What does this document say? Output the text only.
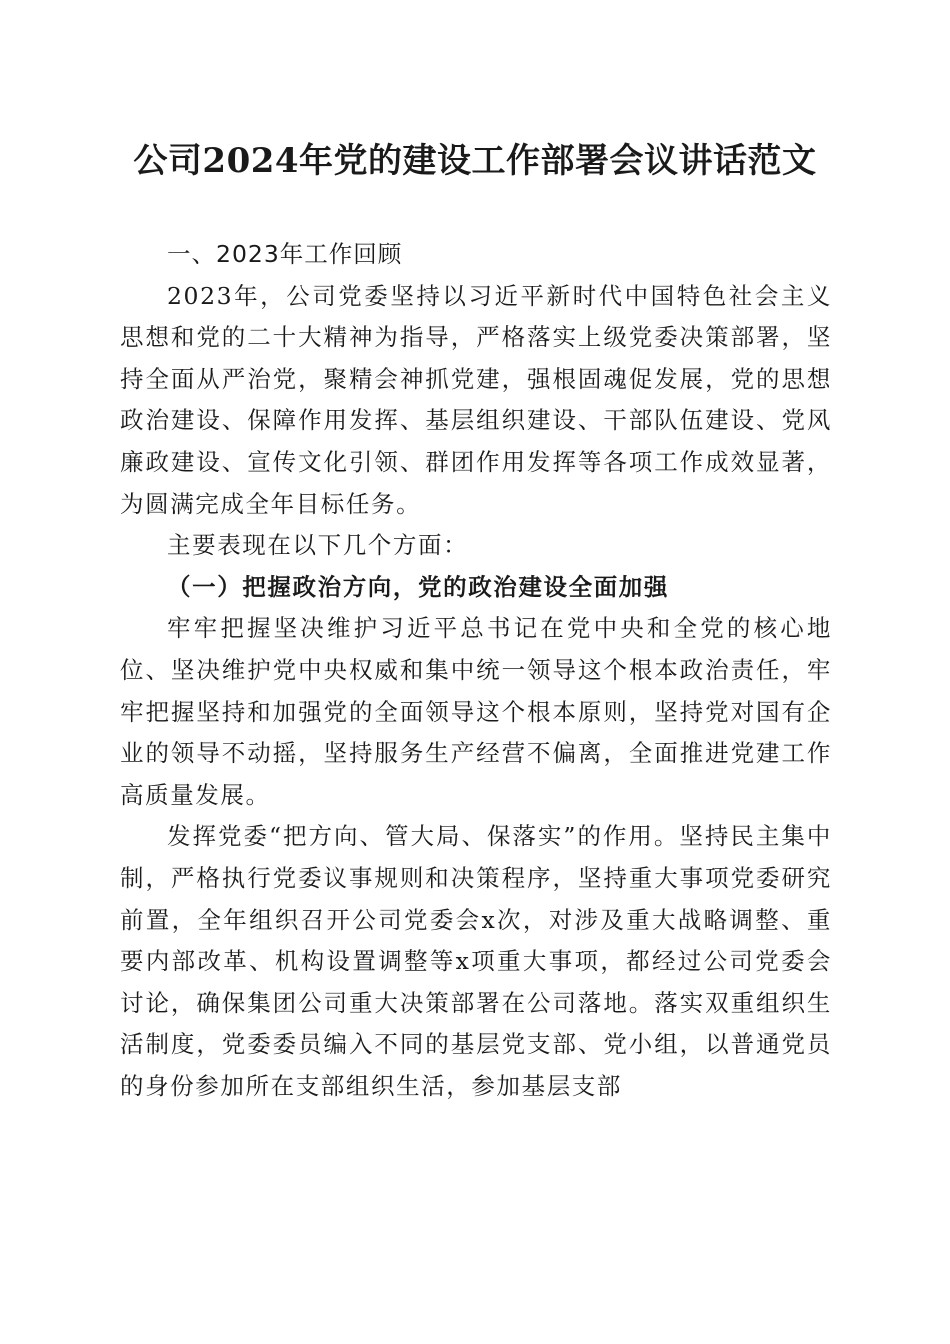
公司2024年党的建设工作部署会议讲话范文

一、2023年工作回顾

2023年，公司党委坚持以习近平新时代中国特色社会主义思想和党的二十大精神为指导，严格落实上级党委决策部署，坚持全面从严治党，聚精会神抓党建，强根固魂促发展，党的思想政治建设、保障作用发挥、基层组织建设、干部队伍建设、党风廉政建设、宣传文化引领、群团作用发挥等各项工作成效显著，为圆满完成全年目标任务。

主要表现在以下几个方面：

（一）把握政治方向，党的政治建设全面加强

牢牢把握坚决维护习近平总书记在党中央和全党的核心地位、坚决维护党中央权威和集中统一领导这个根本政治责任，牢牢把握坚持和加强党的全面领导这个根本原则，坚持党对国有企业的领导不动摇，坚持服务生产经营不偏离，全面推进党建工作高质量发展。

发挥党委“把方向、管大局、保落实”的作用。坚持民主集中制，严格执行党委议事规则和决策程序，坚持重大事项党委研究前置，全年组织召开公司党委会x次，对涉及重大战略调整、重要内部改革、机构设置调整等x项重大事项，都经过公司党委会讨论，确保集团公司重大决策部署在公司落地。落实双重组织生活制度，党委委员编入不同的基层党支部、党小组，以普通党员的身份参加所在支部组织生活，参加基层支部
